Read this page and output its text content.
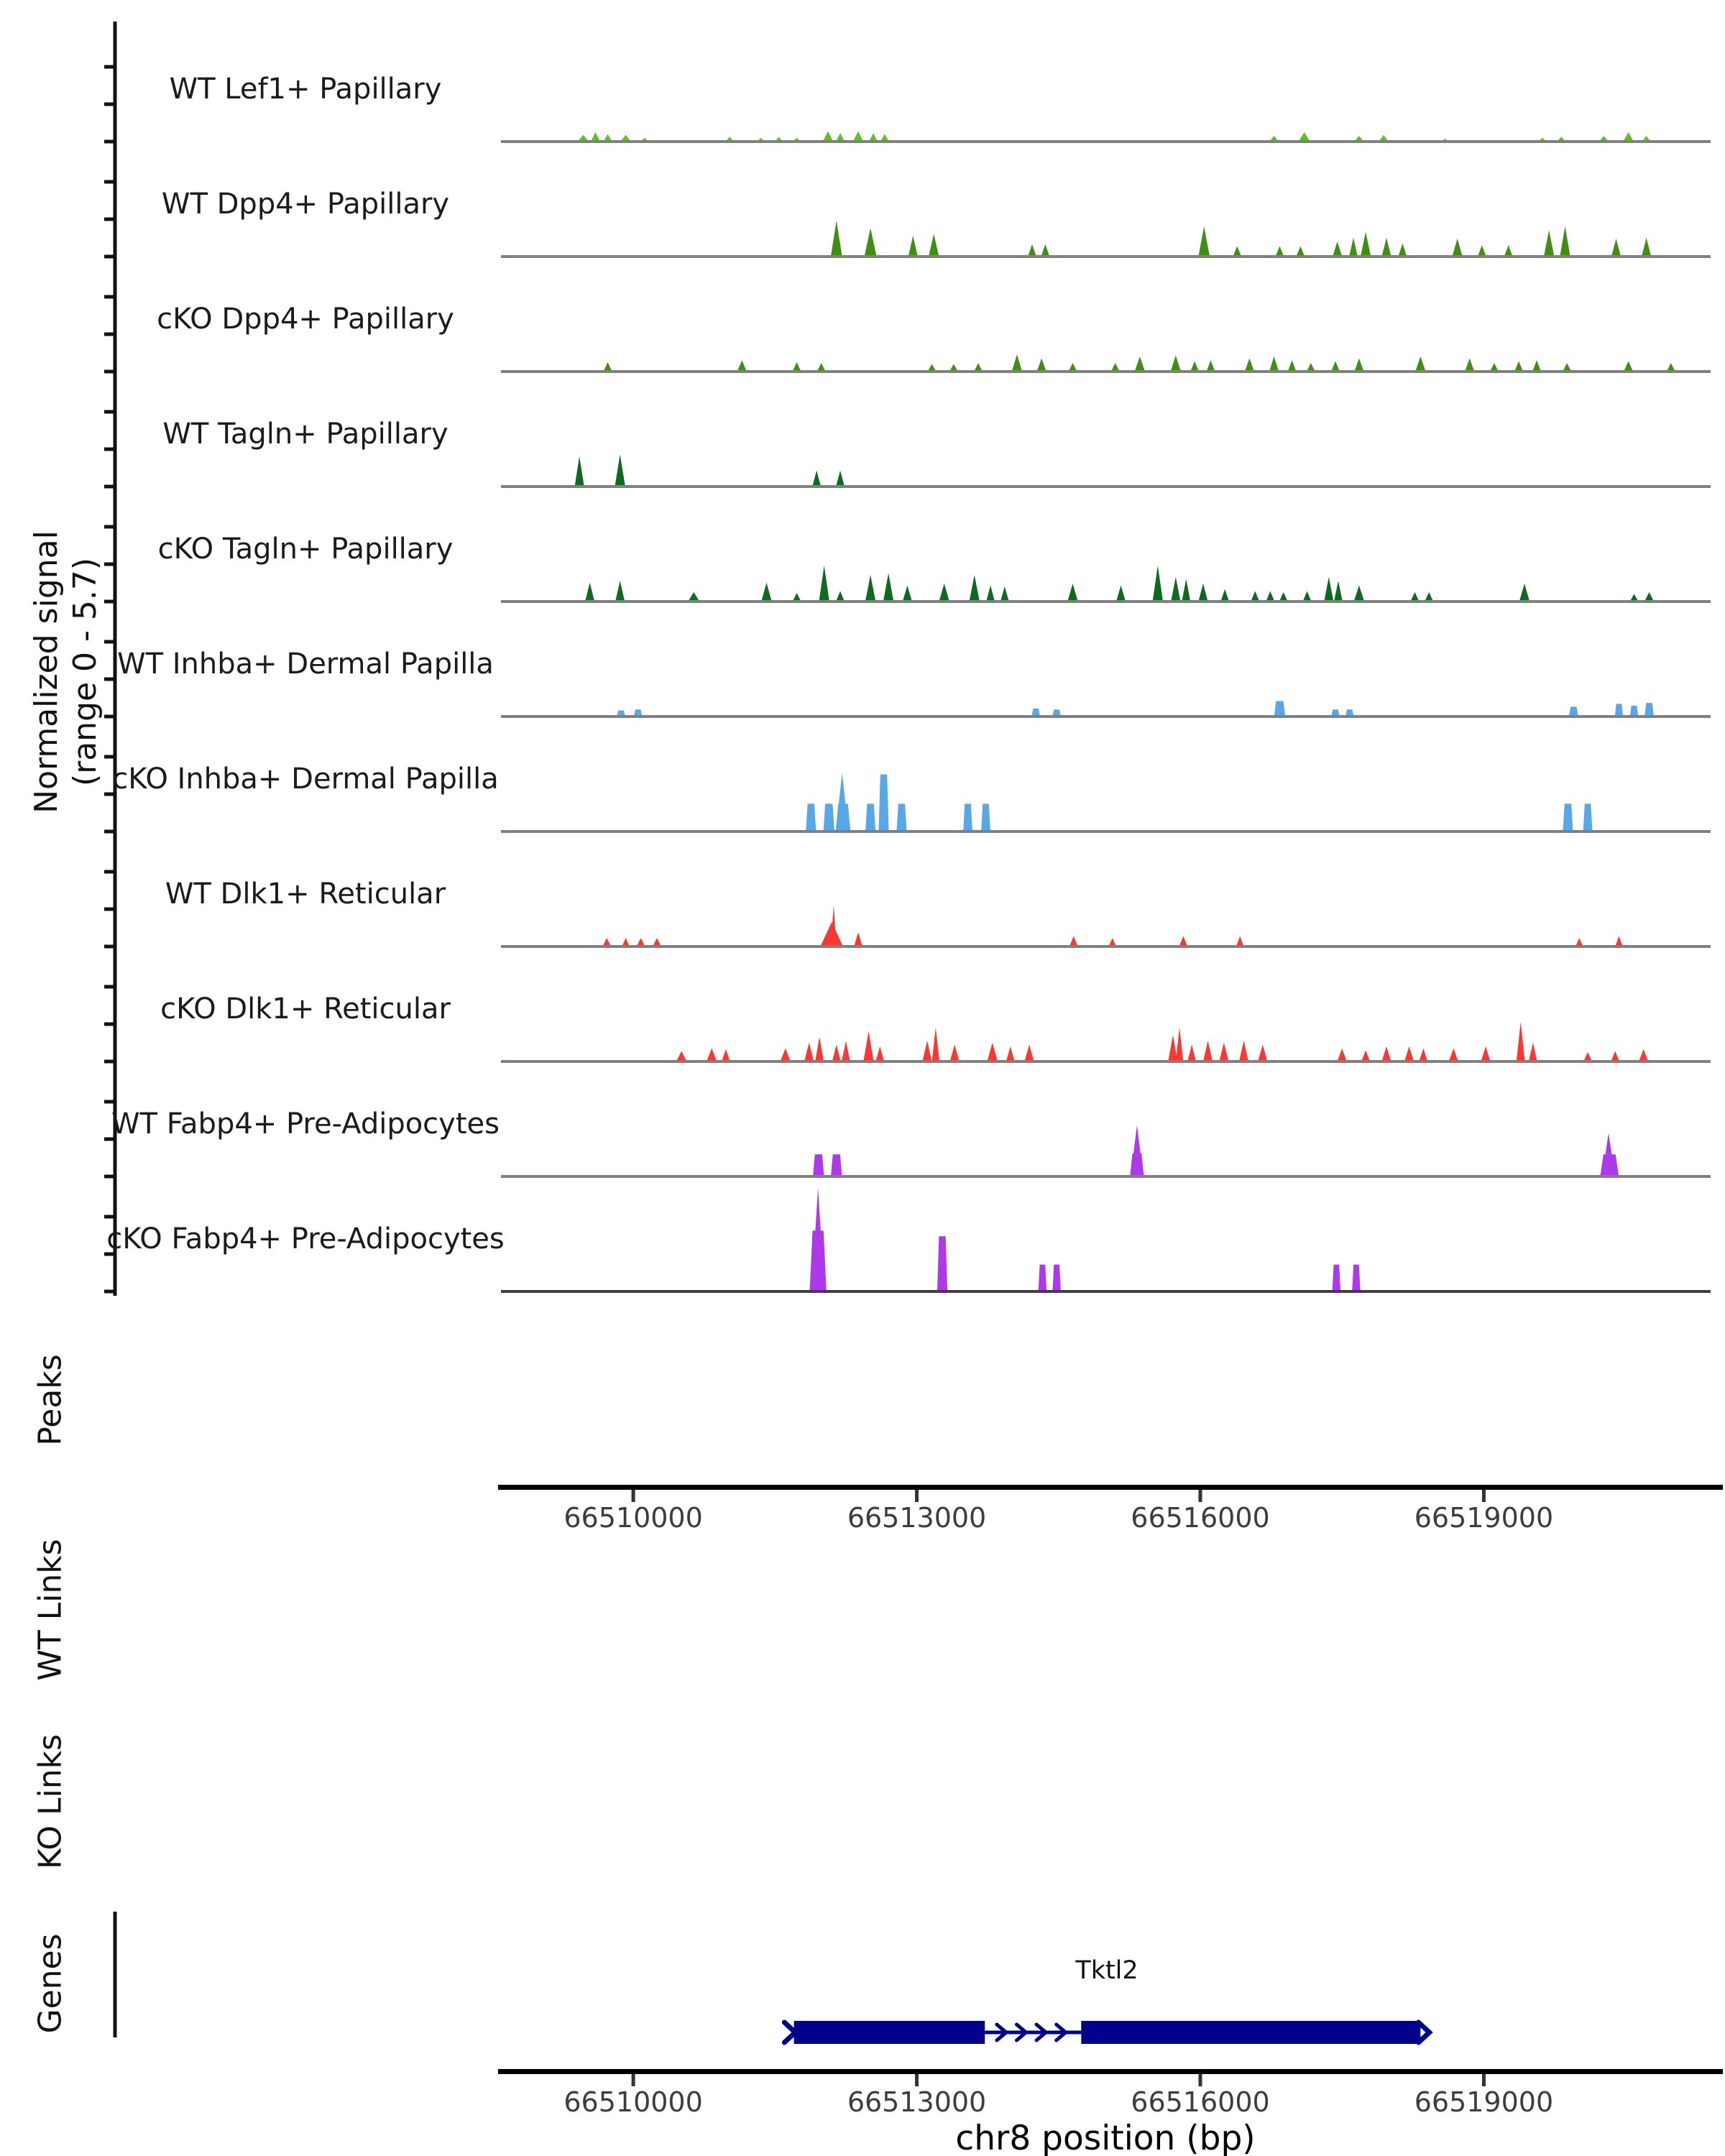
66510000	66513000	66516000	66519000
66510000	66513000	66516000	66519000
WT Lef1+ Papillary
WT Dpp4+ Papillary
cKO Dpp4+ Papillary
WT Tagln+ Papillary
cKO Tagln+ Papillary
WT Inhba+ Dermal Papilla
cKO Inhba+ Dermal Papilla
WT Dlk1+ Reticular
cKO Dlk1+ Reticular
WT Fabp4+ Pre-Adipocytes
cKO Fabp4+ Pre-Adipocytes
Normalized signal (range 0 - 5.7)
Peaks
WT Links
KO Links
Genes	Tktl2
chr8 position (bp)
